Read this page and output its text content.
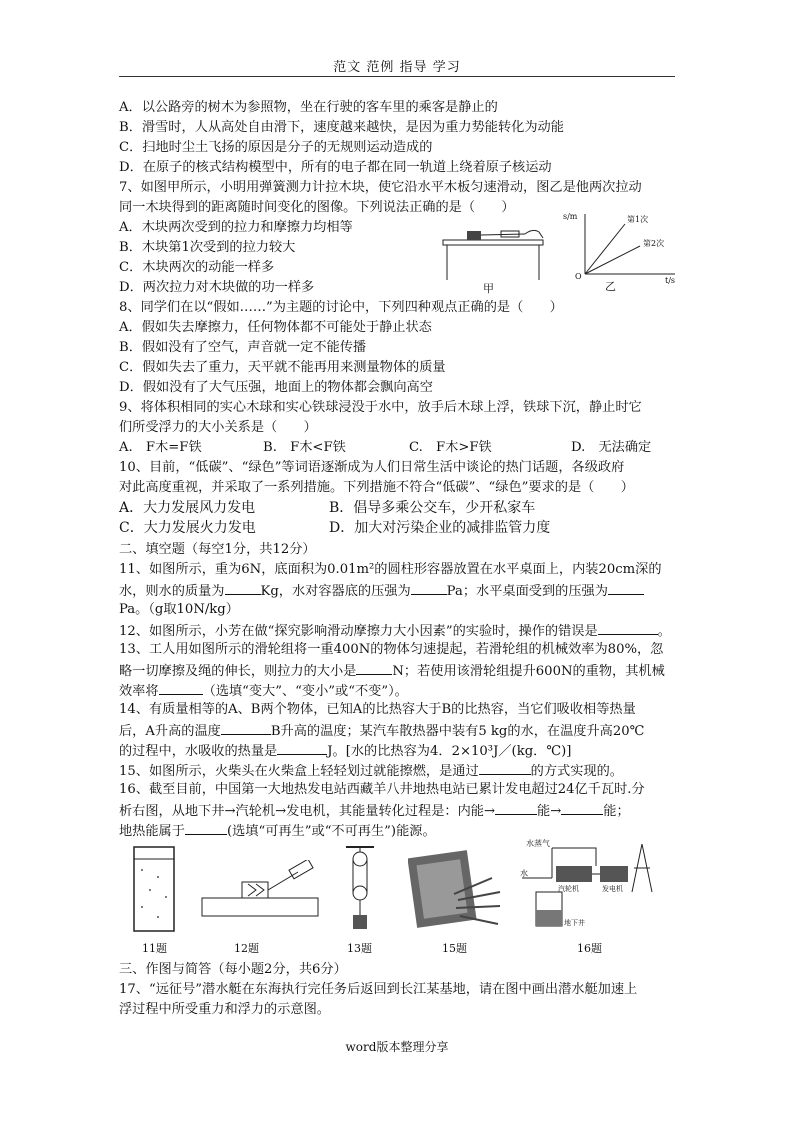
范文 范例 指导 学习
A．以公路旁的树木为参照物，坐在行驶的客车里的乘客是静止的
B．滑雪时，人从高处自由滑下，速度越来越快，是因为重力势能转化为动能
C．扫地时尘土飞扬的原因是分子的无规则运动造成的
D．在原子的核式结构模型中，所有的电子都在同一轨道上绕着原子核运动
7、如图甲所示，小明用弹簧测力计拉木块，使它沿水平木板匀速滑动，图乙是他两次拉动
同一木块得到的距离随时间变化的图像。下列说法正确的是（　　）
A．木块两次受到的拉力和摩擦力均相等
B．木块第1次受到的拉力较大
C．木块两次的动能一样多
D．两次拉力对木块做的功一样多
8、同学们在以“假如……”为主题的讨论中，下列四种观点正确的是（　　）
A．假如失去摩擦力，任何物体都不可能处于静止状态
B．假如没有了空气，声音就一定不能传播
C．假如失去了重力，天平就不能再用来测量物体的质量
D．假如没有了大气压强，地面上的物体都会飘向高空
9、将体积相同的实心木球和实心铁球浸没于水中，放手后木球上浮，铁球下沉，静止时它
们所受浮力的大小关系是（　　）
甲	乙
s/m
t/s
O
第1次
第2次
A.　F木=F铁	B.　F木<F铁	C.　F木>F铁	D.　无法确定
10、目前，“低碳”、“绿色”等词语逐渐成为人们日常生活中谈论的热门话题，各级政府
对此高度重视，并采取了一系列措施。下列措施不符合“低碳”、“绿色”要求的是（　　）
A．大力发展风力发电	B．倡导多乘公交车，少开私家车
C．大力发展火力发电	D．加大对污染企业的减排监管力度
二、填空题（每空1分，共12分）
11、如图所示，重为6N，底面积为0.01m²的圆柱形容器放置在水平桌面上，内装20cm深的
水，则水的质量为	Kg，水对容器底的压强为	Pa；水平桌面受到的压强为
Pa。（g取10N/kg）
12、如图所示，小芳在做“探究影响滑动摩擦力大小因素”的实验时，操作的错误是	。
13、工人用如图所示的滑轮组将一重400N的物体匀速提起，若滑轮组的机械效率为80%，忽
略一切摩擦及绳的伸长，则拉力的大小是	N；若使用该滑轮组提升600N的重物，其机械
效率将	（选填“变大”、“变小”或“不变”）。
14、有质量相等的A、B两个物体，已知A的比热容大于B的比热容，当它们吸收相等热量
后，A升高的温度	B升高的温度；某汽车散热器中装有5 kg的水，在温度升高20℃
的过程中，水吸收的热量是	J。[水的比热容为4．2×10³J／(kg．℃)]
15、如图所示，火柴头在火柴盒上轻轻划过就能擦燃，是通过	的方式实现的。
16、截至目前，中国第一大地热发电站西藏羊八井地热电站已累计发电超过24亿千瓦时.分
析右图，从地下井→汽轮机→发电机，其能量转化过程是：内能→	能→	能；
地热能属于	(选填“可再生”或“不可再生”)能源。
水蒸气
水
汽轮机	发电机
地下井
11题	12题	13题	15题	16题
三、作图与简答（每小题2分，共6分）
17、“远征号”潜水艇在东海执行完任务后返回到长江某基地，请在图中画出潜水艇加速上
浮过程中所受重力和浮力的示意图。
word版本整理分享
